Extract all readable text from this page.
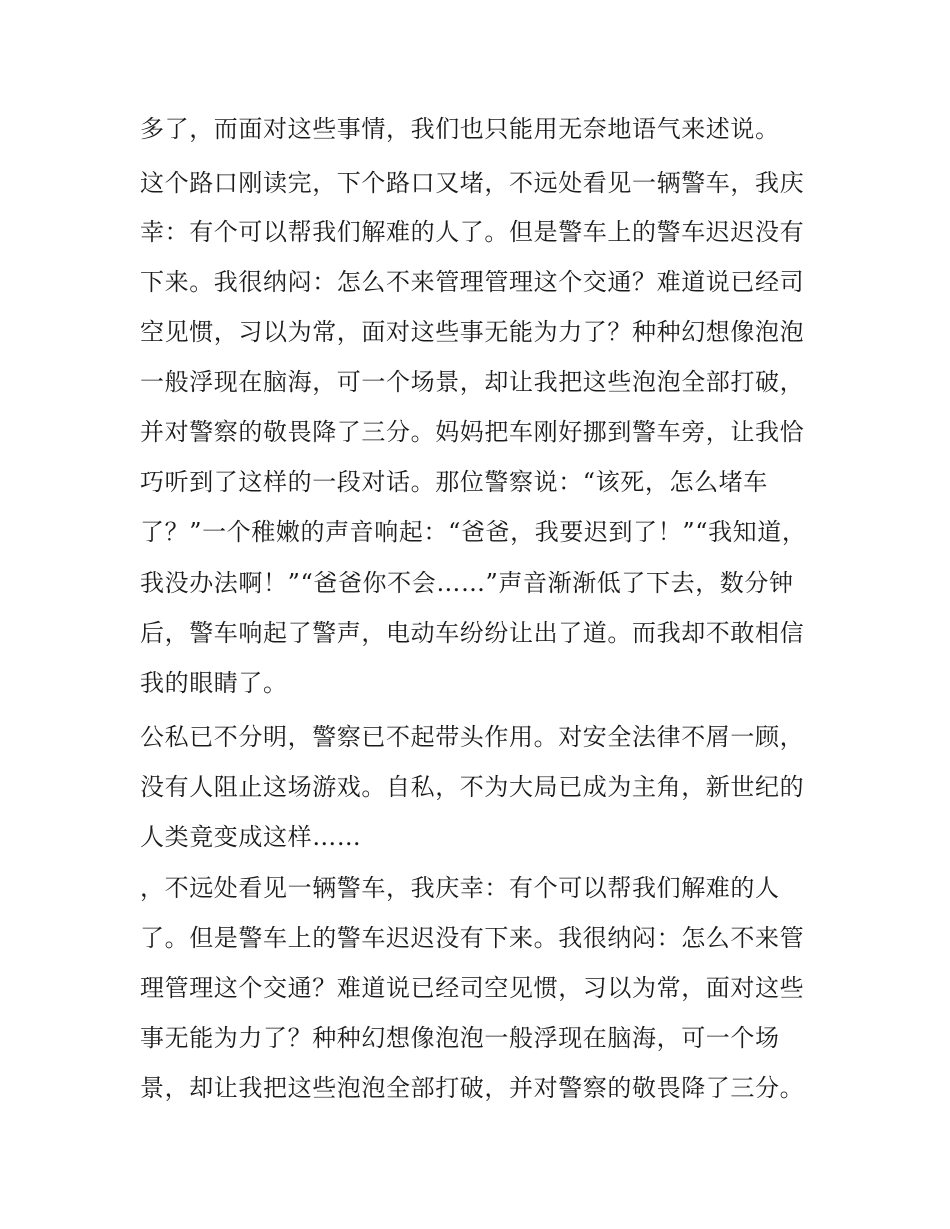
多了，而面对这些事情，我们也只能用无奈地语气来述说。
这个路口刚读完，下个路口又堵，不远处看见一辆警车，我庆
幸：有个可以帮我们解难的人了。但是警车上的警车迟迟没有
下来。我很纳闷：怎么不来管理管理这个交通？难道说已经司
空见惯，习以为常，面对这些事无能为力了？种种幻想像泡泡
一般浮现在脑海，可一个场景，却让我把这些泡泡全部打破，
并对警察的敬畏降了三分。妈妈把车刚好挪到警车旁，让我恰
巧听到了这样的一段对话。那位警察说：“该死，怎么堵车
了？”一个稚嫩的声音响起：“爸爸，我要迟到了！”“我知道，
我没办法啊！”“爸爸你不会……”声音渐渐低了下去，数分钟
后，警车响起了警声，电动车纷纷让出了道。而我却不敢相信
我的眼睛了。
公私已不分明，警察已不起带头作用。对安全法律不屑一顾，
没有人阻止这场游戏。自私，不为大局已成为主角，新世纪的
人类竟变成这样……
，不远处看见一辆警车，我庆幸：有个可以帮我们解难的人
了。但是警车上的警车迟迟没有下来。我很纳闷：怎么不来管
理管理这个交通？难道说已经司空见惯，习以为常，面对这些
事无能为力了？种种幻想像泡泡一般浮现在脑海，可一个场
景，却让我把这些泡泡全部打破，并对警察的敬畏降了三分。
